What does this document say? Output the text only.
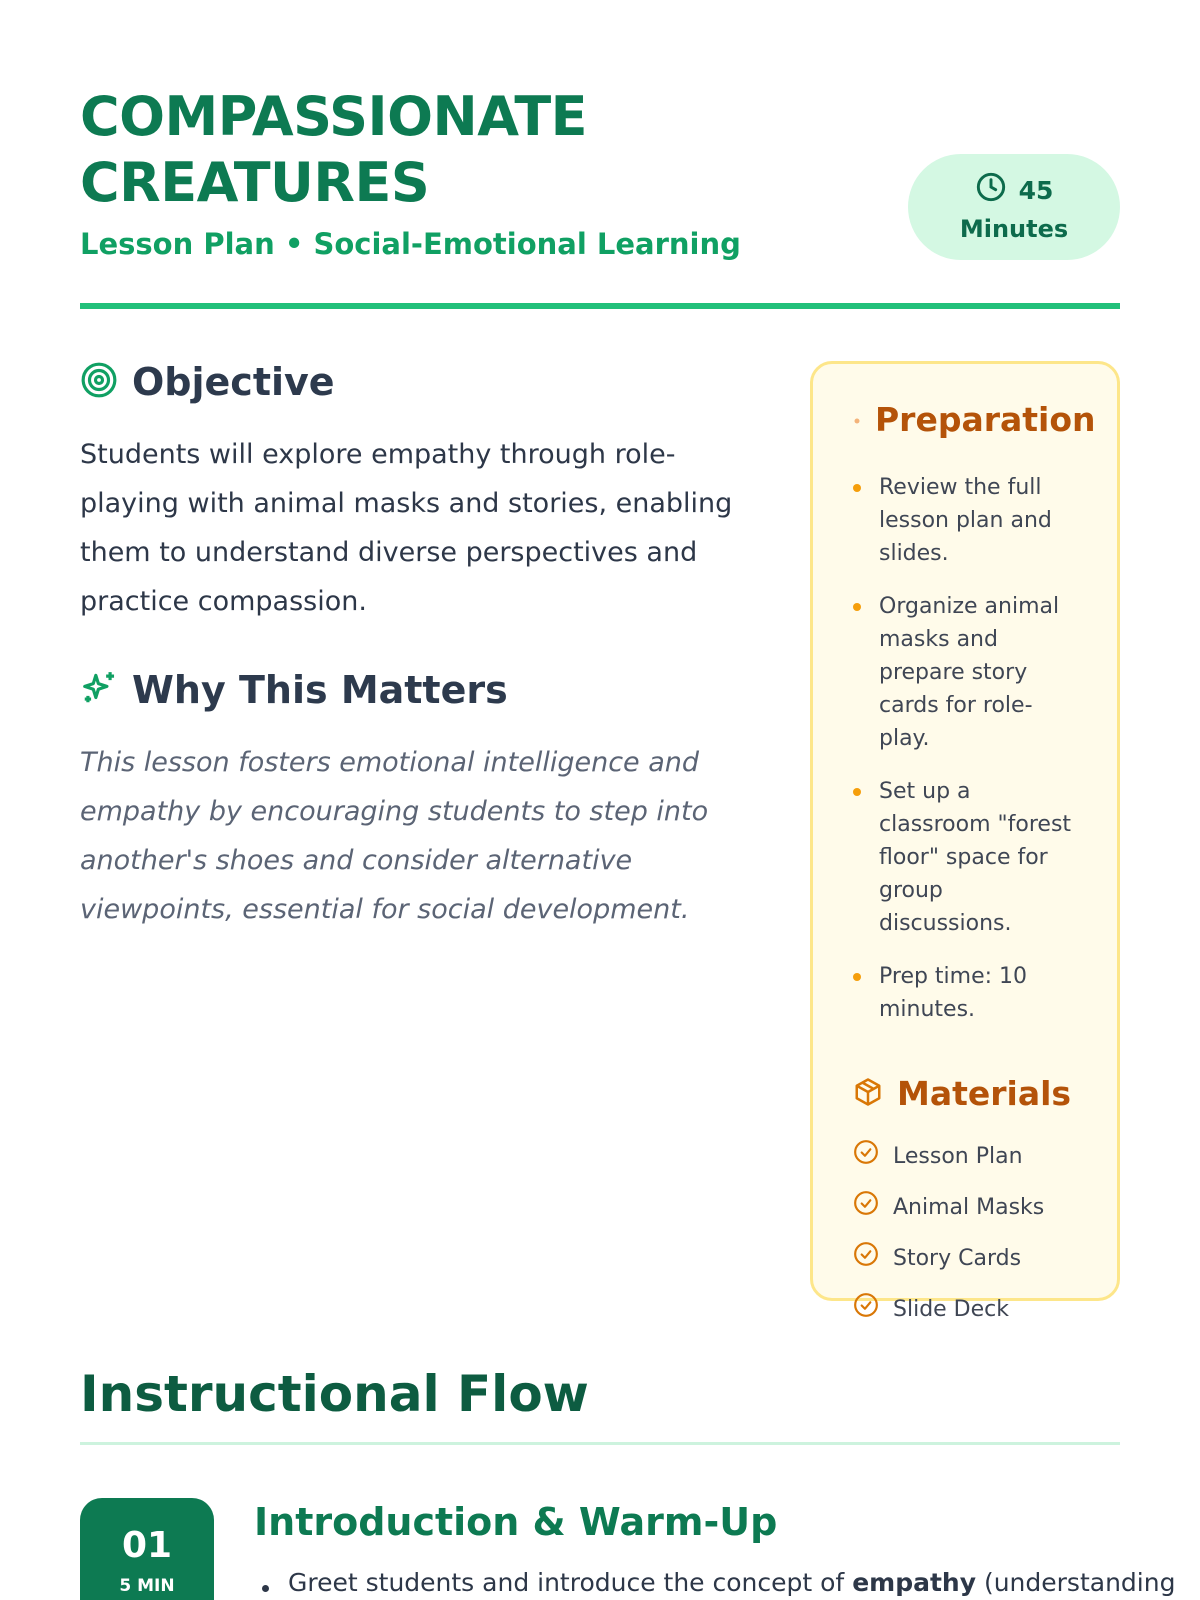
COMPASSIONATE
CREATURES
Lesson Plan • Social-Emotional Learning
45
Minutes
Objective

Students will explore empathy through role-playing with animal masks and stories, enabling them to understand diverse perspectives and practice compassion.

Why This Matters

This lesson fosters emotional intelligence and empathy by encouraging students to step into another's shoes and consider alternative viewpoints, essential for social development.

Preparation
Review the full lesson plan and slides.
Organize animal masks and prepare story cards for role-play.
Set up a classroom "forest floor" space for group discussions.
Prep time: 10 minutes.
Materials
Lesson Plan
Animal Masks
Story Cards
Slide Deck
Instructional Flow
01
5 MIN
Introduction & Warm-Up
Greet students and introduce the concept of empathy (understanding
